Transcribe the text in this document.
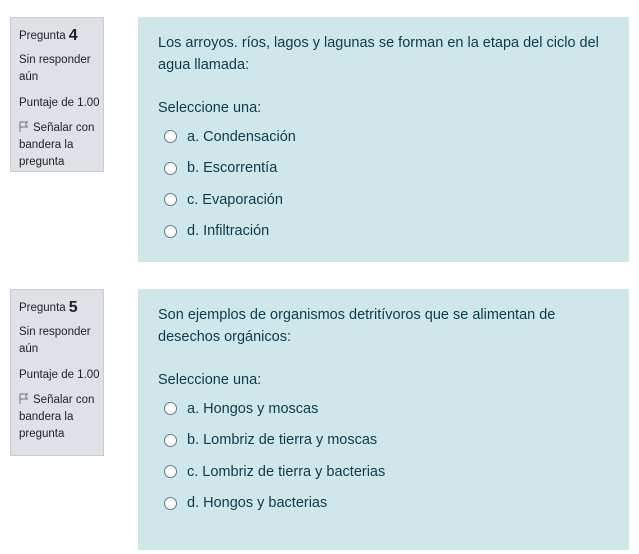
Pregunta 4
Sin responder aún
Puntaje de 1.00
Señalar con bandera la pregunta

Los arroyos. ríos, lagos y lagunas se forman en la etapa del ciclo del agua llamada:

Seleccione una:
a. Condensación
b. Escorrentía
c. Evaporación
d. Infiltración
Pregunta 5
Sin responder aún
Puntaje de 1.00
Señalar con bandera la pregunta

Son ejemplos de organismos detritívoros que se alimentan de desechos orgánicos:

Seleccione una:
a. Hongos y moscas
b. Lombriz de tierra y moscas
c. Lombriz de tierra y bacterias
d. Hongos y bacterias
